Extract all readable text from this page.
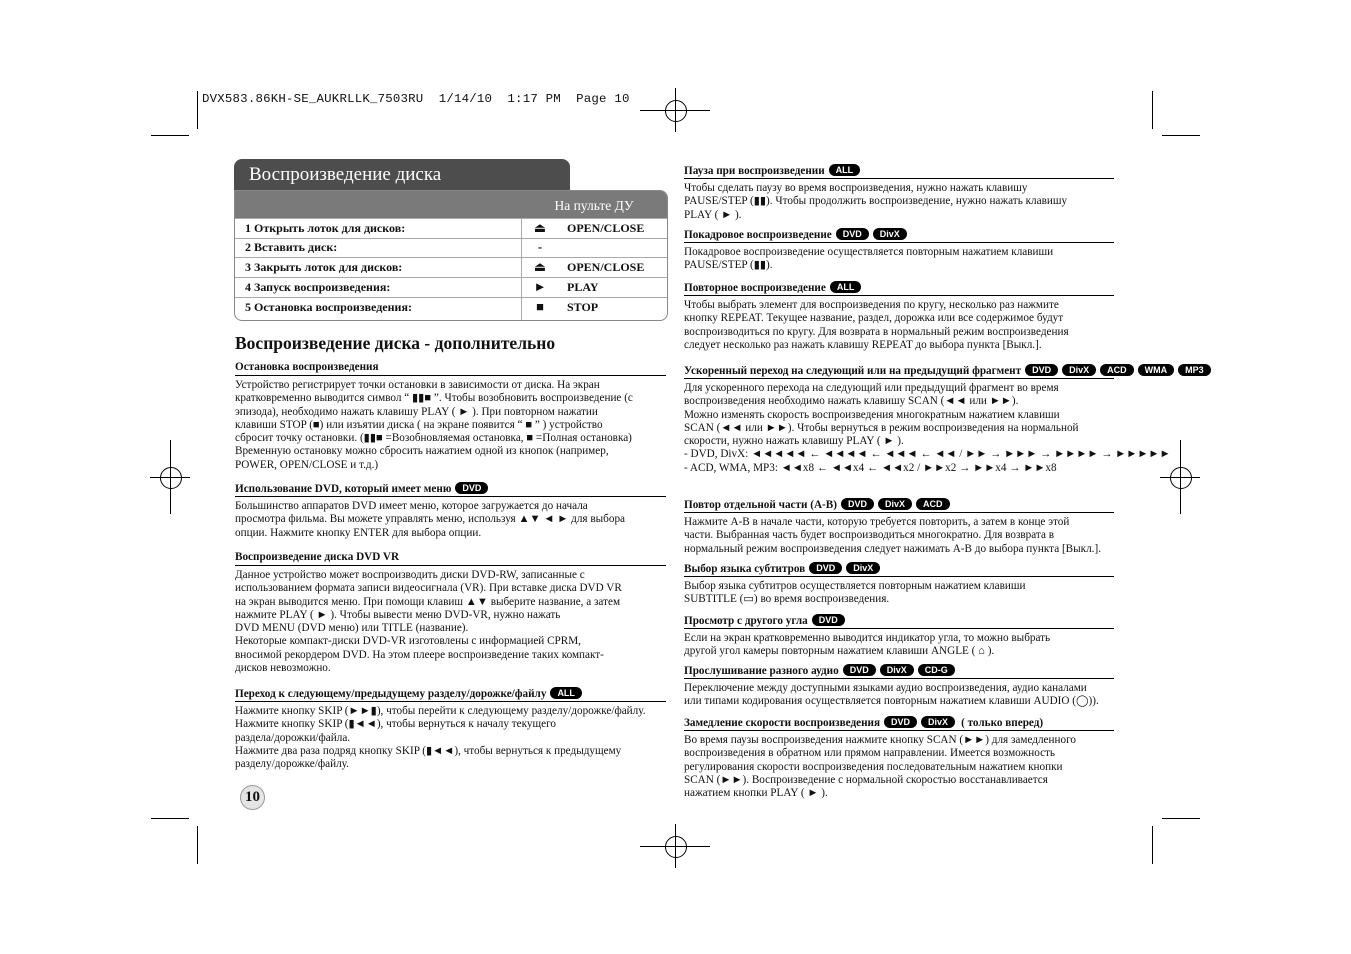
DVX583.86KH-SE_AUKRLLK_7503RU  1/14/10  1:17 PM  Page 10
Воспроизведение диска
На пульте ДУ
1 Открыть лоток для дисков:	⏏ OPEN/CLOSE
2 Вставить диск:	-
3 Закрыть лоток для дисков:	⏏ OPEN/CLOSE
4 Запуск воспроизведения:	► PLAY
5 Остановка воспроизведения:	■ STOP
Воспроизведение диска - дополнительно
Остановка воспроизведения
Устройство регистрирует точки остановки в зависимости от диска. На экран
кратковременно выводится символ “ ▮▮■ ”. Чтобы возобновить воспроизведение (с
эпизода), необходимо нажать клавишу PLAY ( ► ). При повторном нажатии
клавиши STOP (■) или изъятии диска ( на экране появится “ ■ ” ) устройство
сбросит точку остановки. (▮▮■ =Возобновляемая остановка, ■ =Полная остановка)
Временную остановку можно сбросить нажатием одной из кнопок (например,
POWER, OPEN/CLOSE и т.д.)
Использование DVD, который имеет меню DVD
Большинство аппаратов DVD имеет меню, которое загружается до начала
просмотра фильма. Вы можете управлять меню, используя ▲▼ ◄ ► для выбора
опции. Нажмите кнопку ENTER для выбора опции.
Воспроизведение диска DVD VR
Данное устройство может воспроизводить диски DVD-RW, записанные с
использованием формата записи видеосигнала (VR). При вставке диска DVD VR
на экран выводится меню. При помощи клавиш ▲▼ выберите название, а затем
нажмите PLAY ( ► ). Чтобы вывести меню DVD-VR, нужно нажать
DVD MENU (DVD меню) или TITLE (название).
Некоторые компакт-диски DVD-VR изготовлены с информацией CPRM,
вносимой рекордером DVD. На этом плеере воспроизведение таких компакт-
дисков невозможно.
Переход к следующему/предыдущему разделу/дорожке/файлу ALL
Нажмите кнопку SKIP (►►▮), чтобы перейти к следующему разделу/дорожке/файлу.
Нажмите кнопку SKIP (▮◄◄), чтобы вернуться к началу текущего
раздела/дорожки/файла.
Нажмите два раза подряд кнопку SKIP (▮◄◄), чтобы вернуться к предыдущему
разделу/дорожке/файлу.
Пауза при воспроизведении ALL
Чтобы сделать паузу во время воспроизведения, нужно нажать клавишу
PAUSE/STEP (▮▮). Чтобы продолжить воспроизведение, нужно нажать клавишу
PLAY ( ► ).
Покадровое воспроизведение DVD DivX
Покадровое воспроизведение осуществляется повторным нажатием клавиши
PAUSE/STEP (▮▮).
Повторное воспроизведение ALL
Чтобы выбрать элемент для воспроизведения по кругу, несколько раз нажмите
кнопку REPEAT. Текущее название, раздел, дорожка или все содержимое будут
воспроизводиться по кругу. Для возврата в нормальный режим воспроизведения
следует несколько раз нажать клавишу REPEAT до выбора пункта [Выкл.].
Ускоренный переход на следующий или на предыдущий фрагмент DVD DivX ACD WMA MP3
Для ускоренного перехода на следующий или предыдущий фрагмент во время
воспроизведения необходимо нажать клавишу SCAN (◄◄ или ►►).
Можно изменять скорость воспроизведения многократным нажатием клавиши
SCAN (◄◄ или ►►). Чтобы вернуться в режим воспроизведения на нормальной
скорости, нужно нажать клавишу PLAY ( ► ).
- DVD, DivX: ◄◄◄◄◄ ← ◄◄◄◄ ← ◄◄◄ ← ◄◄ / ►► → ►►► → ►►►► → ►►►►►
- ACD, WMA, MP3: ◄◄x8 ← ◄◄x4 ← ◄◄x2 / ►►x2 → ►►x4 → ►►x8
Повтор отдельной части (A-B) DVD DivX ACD
Нажмите A-B в начале части, которую требуется повторить, а затем в конце этой
части. Выбранная часть будет воспроизводиться многократно. Для возврата в
нормальный режим воспроизведения следует нажимать A-B до выбора пункта [Выкл.].
Выбор языка субтитров DVD DivX
Выбор языка субтитров осуществляется повторным нажатием клавиши
SUBTITLE (▭) во время воспроизведения.
Просмотр с другого угла DVD
Если на экран кратковременно выводится индикатор угла, то можно выбрать
другой угол камеры повторным нажатием клавиши ANGLE ( ⌂ ).
Прослушивание разного аудио DVD DivX CD-G
Переключение между доступными языками аудио воспроизведения, аудио каналами
или типами кодирования осуществляется повторным нажатием клавиши AUDIO (◯)).
Замедление скорости воспроизведения DVD DivX ( только вперед)
Во время паузы воспроизведения нажмите кнопку SCAN (►►) для замедленного
воспроизведения в обратном или прямом направлении. Имеется возможность
регулирования скорости воспроизведения последовательным нажатием кнопки
SCAN (►►). Воспроизведение с нормальной скоростью восстанавливается
нажатием кнопки PLAY ( ► ).
10
